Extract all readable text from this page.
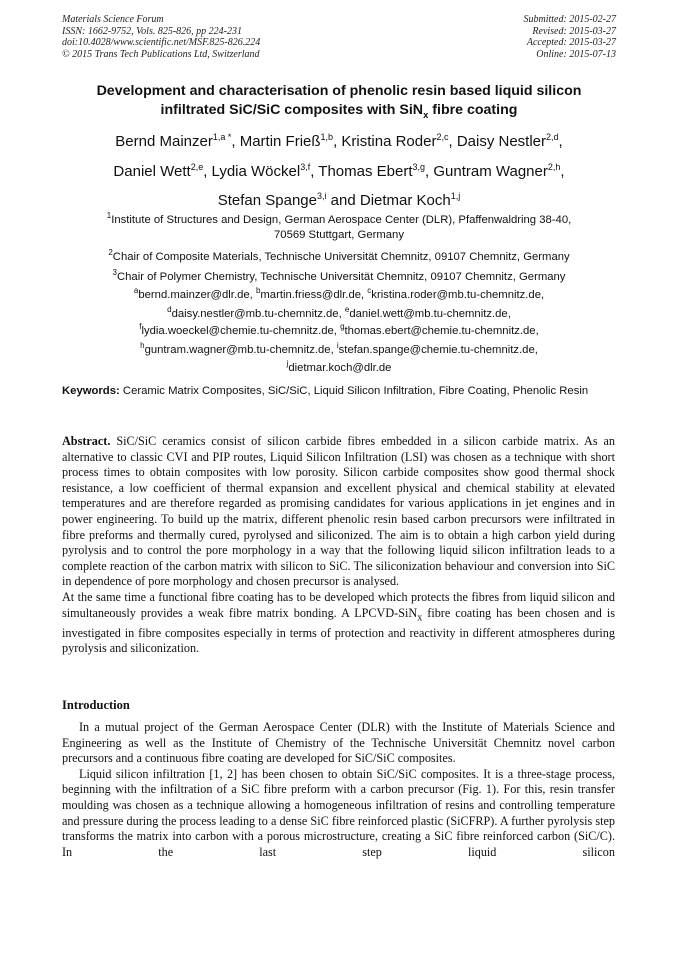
Materials Science Forum
ISSN: 1662-9752, Vols. 825-826, pp 224-231
doi:10.4028/www.scientific.net/MSF.825-826.224
© 2015 Trans Tech Publications Ltd, Switzerland
Submitted: 2015-02-27
Revised: 2015-03-27
Accepted: 2015-03-27
Online: 2015-07-13
Development and characterisation of phenolic resin based liquid silicon
infiltrated SiC/SiC composites with SiN$_x$ fibre coating
Bernd Mainzer$^{1,a *}$, Martin Frieß$^{1,b}$, Kristina Roder$^{2,c}$, Daisy Nestler$^{2,d}$,
Daniel Wett$^{2,e}$, Lydia Wöckel$^{3,f}$, Thomas Ebert$^{3,g}$, Guntram Wagner$^{2,h}$,
Stefan Spange$^{3,i}$ and Dietmar Koch$^{1,j}$
$^1$Institute of Structures and Design, German Aerospace Center (DLR), Pfaffenwaldring 38-40,
70569 Stuttgart, Germany
$^2$Chair of Composite Materials, Technische Universität Chemnitz, 09107 Chemnitz, Germany
$^3$Chair of Polymer Chemistry, Technische Universität Chemnitz, 09107 Chemnitz, Germany
$^a$bernd.mainzer@dlr.de, $^b$martin.friess@dlr.de, $^c$kristina.roder@mb.tu-chemnitz.de,
$^d$daisy.nestler@mb.tu-chemnitz.de, $^e$daniel.wett@mb.tu-chemnitz.de,
$^f$lydia.woeckel@chemie.tu-chemnitz.de, $^g$thomas.ebert@chemie.tu-chemnitz.de,
$^h$guntram.wagner@mb.tu-chemnitz.de, $^i$stefan.spange@chemie.tu-chemnitz.de,
$^j$dietmar.koch@dlr.de
Keywords: Ceramic Matrix Composites, SiC/SiC, Liquid Silicon Infiltration, Fibre Coating, Phenolic Resin

Abstract. SiC/SiC ceramics consist of silicon carbide fibres embedded in a silicon carbide matrix. As an alternative to classic CVI and PIP routes, Liquid Silicon Infiltration (LSI) was chosen as a technique with short process times to obtain composites with low porosity. Silicon carbide composites show good thermal shock resistance, a low coefficient of thermal expansion and excellent physical and chemical stability at elevated temperatures and are therefore regarded as promising candidates for various applications in jet engines and in power engineering. To build up the matrix, different phenolic resin based carbon precursors were infiltrated in fibre preforms and thermally cured, pyrolysed and siliconized. The aim is to obtain a high carbon yield during pyrolysis and to control the pore morphology in a way that the following liquid silicon infiltration leads to a complete reaction of the carbon matrix with silicon to SiC. The siliconization behaviour and conversion into SiC in dependence of pore morphology and chosen precursor is analysed.

At the same time a functional fibre coating has to be developed which protects the fibres from liquid silicon and simultaneously provides a weak fibre matrix bonding. A LPCVD-SiN$_x$ fibre coating has been chosen and is investigated in fibre composites especially in terms of protection and reactivity in different atmospheres during pyrolysis and siliconization.

Introduction

In a mutual project of the German Aerospace Center (DLR) with the Institute of Materials Science and Engineering as well as the Institute of Chemistry of the Technische Universität Chemnitz novel carbon precursors and a continuous fibre coating are developed for SiC/SiC composites.

Liquid silicon infiltration [1, 2] has been chosen to obtain SiC/SiC composites. It is a three-stage process, beginning with the infiltration of a SiC fibre preform with a carbon precursor (Fig. 1). For this, resin transfer moulding was chosen as a technique allowing a homogeneous infiltration of resins and controlling temperature and pressure during the process leading to a dense SiC fibre reinforced plastic (SiCFRP). A further pyrolysis step transforms the matrix into carbon with a porous microstructure, creating a SiC fibre reinforced carbon (SiC/C). In the last step liquid silicon
